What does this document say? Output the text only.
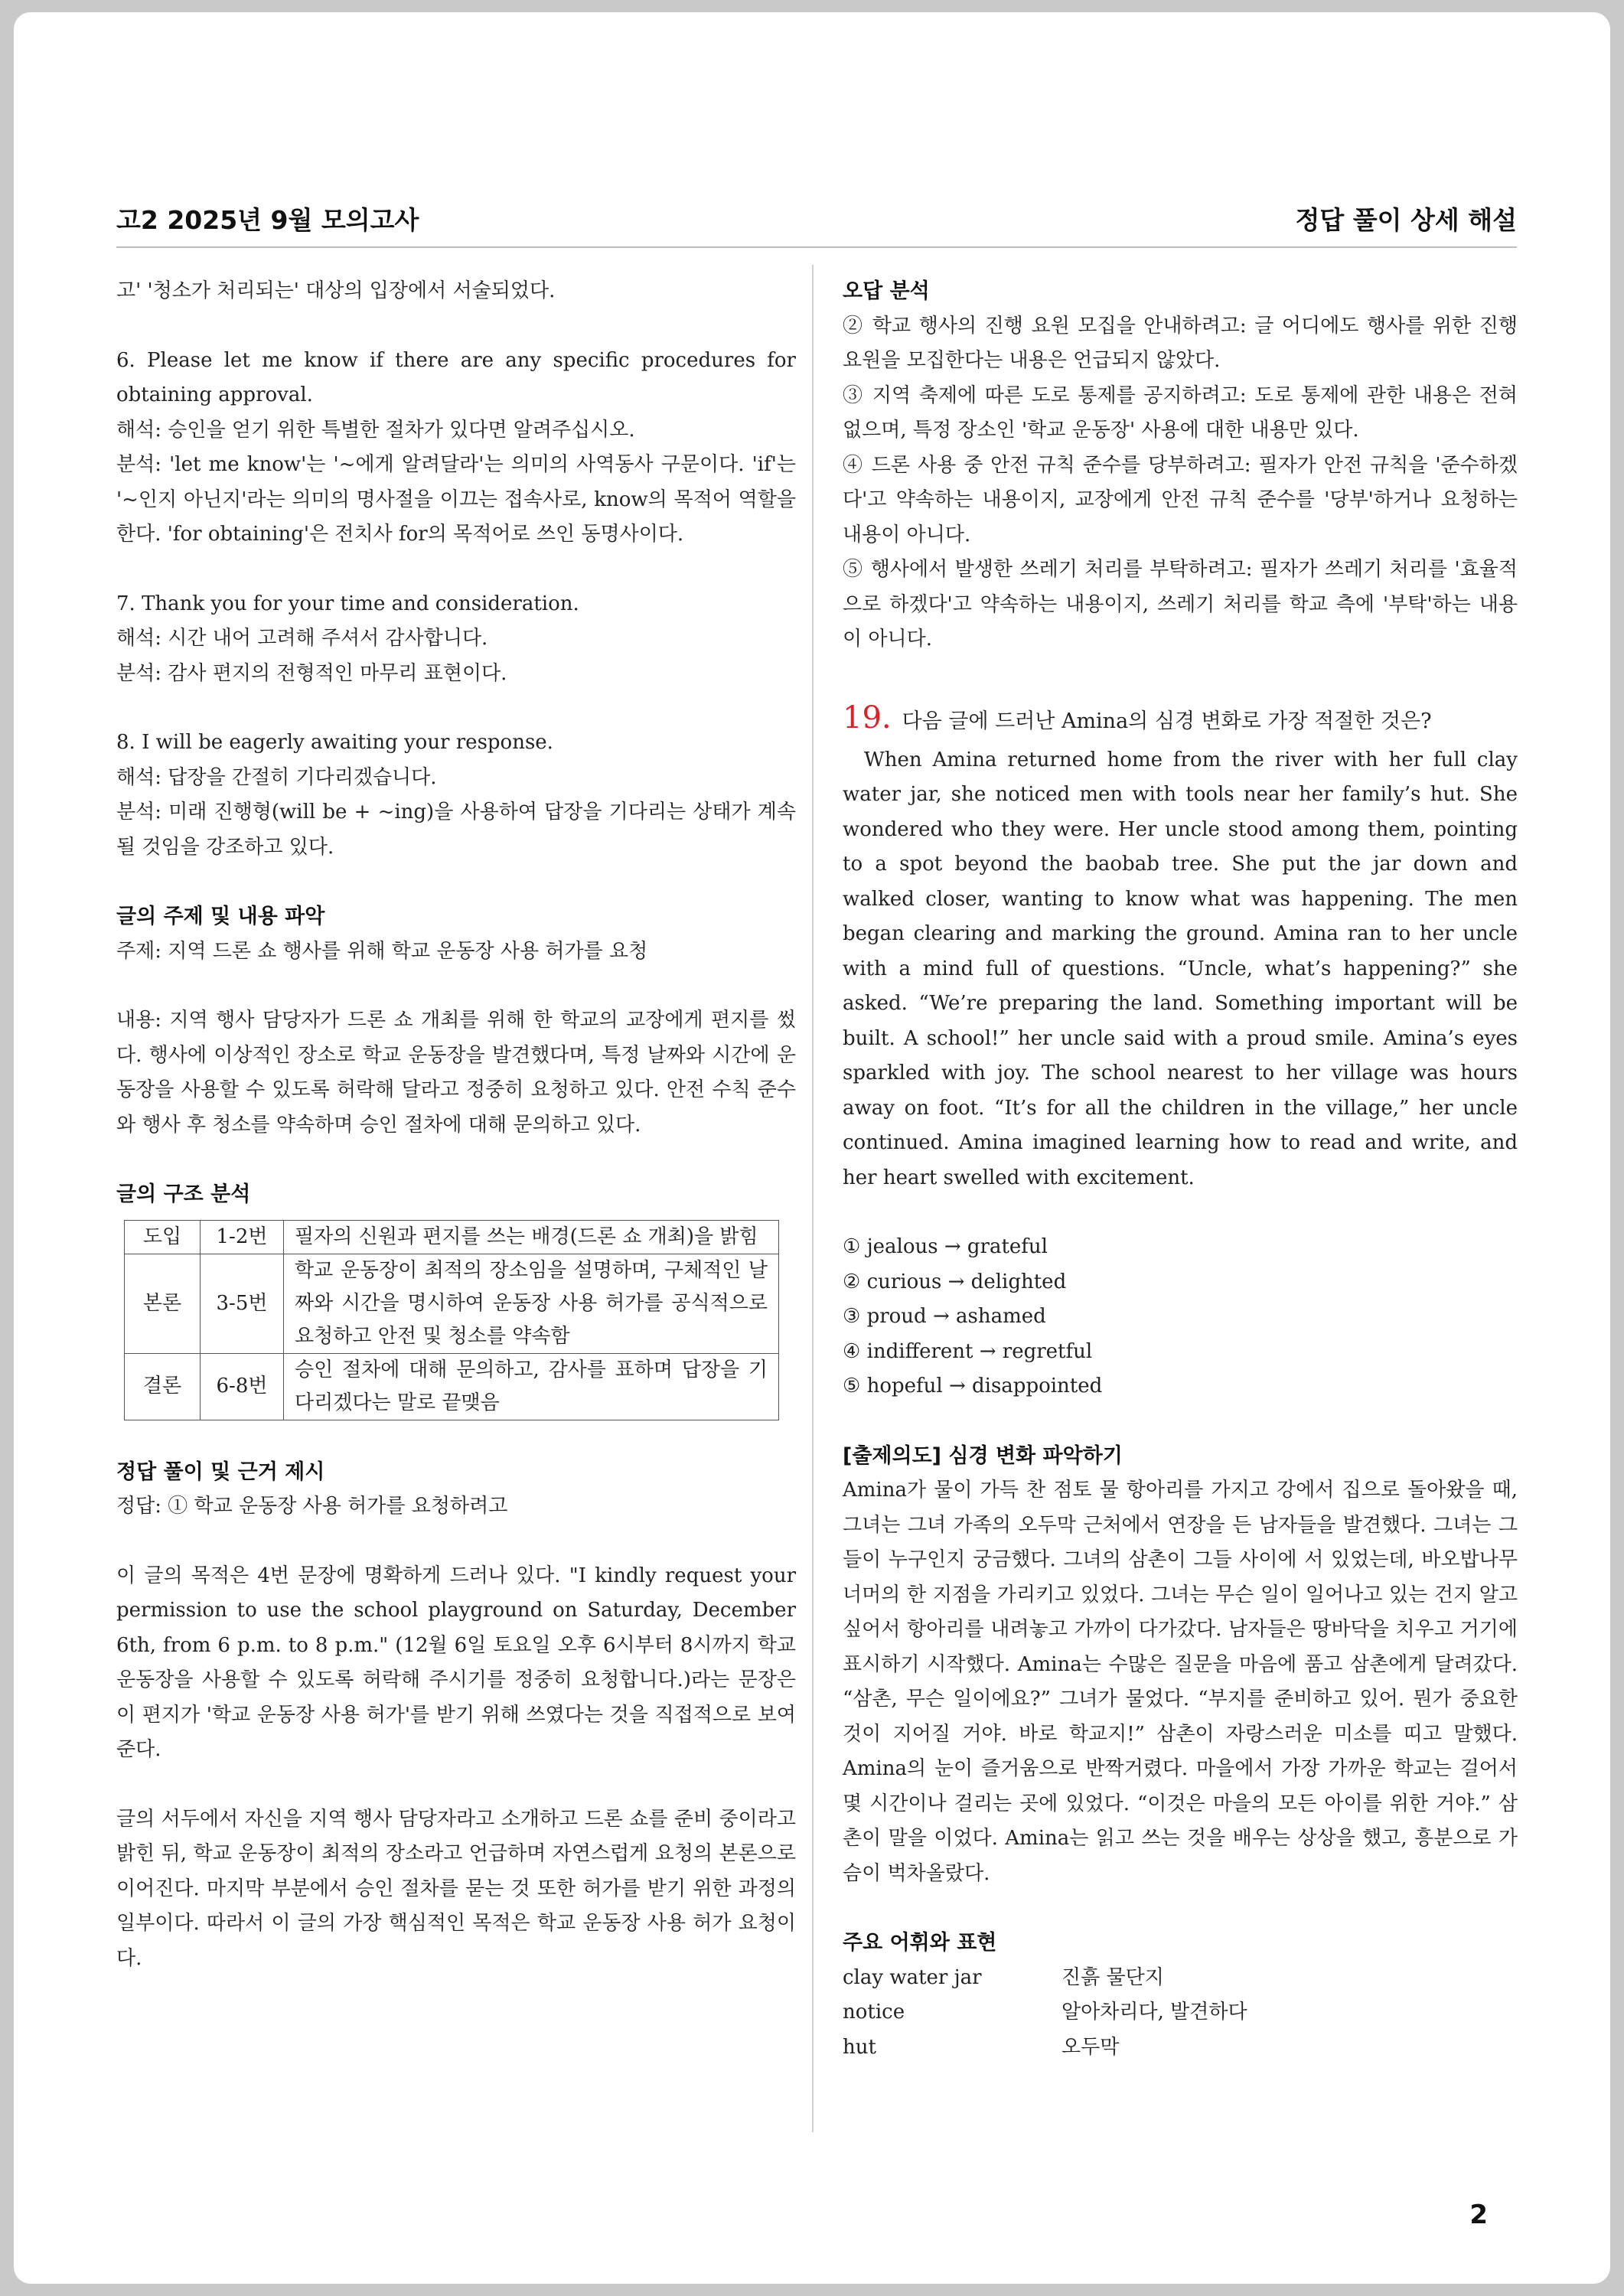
고2 2025년 9월 모의고사	정답 풀이 상세 해설

고' '청소가 처리되는' 대상의 입장에서 서술되었다.

6. Please let me know if there are any specific procedures for obtaining approval.

해석: 승인을 얻기 위한 특별한 절차가 있다면 알려주십시오.

분석: 'let me know'는 '~에게 알려달라'는 의미의 사역동사 구문이다. 'if'는 '~인지 아닌지'라는 의미의 명사절을 이끄는 접속사로, know의 목적어 역할을 한다. 'for obtaining'은 전치사 for의 목적어로 쓰인 동명사이다.

7. Thank you for your time and consideration.

해석: 시간 내어 고려해 주셔서 감사합니다.

분석: 감사 편지의 전형적인 마무리 표현이다.

8. I will be eagerly awaiting your response.

해석: 답장을 간절히 기다리겠습니다.

분석: 미래 진행형(will be + ~ing)을 사용하여 답장을 기다리는 상태가 계속될 것임을 강조하고 있다.

글의 주제 및 내용 파악

주제: 지역 드론 쇼 행사를 위해 학교 운동장 사용 허가를 요청

내용: 지역 행사 담당자가 드론 쇼 개최를 위해 한 학교의 교장에게 편지를 썼다. 행사에 이상적인 장소로 학교 운동장을 발견했다며, 특정 날짜와 시간에 운동장을 사용할 수 있도록 허락해 달라고 정중히 요청하고 있다. 안전 수칙 준수와 행사 후 청소를 약속하며 승인 절차에 대해 문의하고 있다.

글의 구조 분석

도입	1-2번	필자의 신원과 편지를 쓰는 배경(드론 쇼 개최)을 밝힘
본론	3-5번	학교 운동장이 최적의 장소임을 설명하며, 구체적인 날짜와 시간을 명시하여 운동장 사용 허가를 공식적으로 요청하고 안전 및 청소를 약속함
결론	6-8번	승인 절차에 대해 문의하고, 감사를 표하며 답장을 기다리겠다는 말로 끝맺음

정답 풀이 및 근거 제시

정답: ① 학교 운동장 사용 허가를 요청하려고

이 글의 목적은 4번 문장에 명확하게 드러나 있다. "I kindly request your permission to use the school playground on Saturday, December 6th, from 6 p.m. to 8 p.m." (12월 6일 토요일 오후 6시부터 8시까지 학교 운동장을 사용할 수 있도록 허락해 주시기를 정중히 요청합니다.)라는 문장은 이 편지가 '학교 운동장 사용 허가'를 받기 위해 쓰였다는 것을 직접적으로 보여준다.

글의 서두에서 자신을 지역 행사 담당자라고 소개하고 드론 쇼를 준비 중이라고 밝힌 뒤, 학교 운동장이 최적의 장소라고 언급하며 자연스럽게 요청의 본론으로 이어진다. 마지막 부분에서 승인 절차를 묻는 것 또한 허가를 받기 위한 과정의 일부이다. 따라서 이 글의 가장 핵심적인 목적은 학교 운동장 사용 허가 요청이다.

오답 분석

② 학교 행사의 진행 요원 모집을 안내하려고: 글 어디에도 행사를 위한 진행 요원을 모집한다는 내용은 언급되지 않았다.

③ 지역 축제에 따른 도로 통제를 공지하려고: 도로 통제에 관한 내용은 전혀 없으며, 특정 장소인 '학교 운동장' 사용에 대한 내용만 있다.

④ 드론 사용 중 안전 규칙 준수를 당부하려고: 필자가 안전 규칙을 '준수하겠다'고 약속하는 내용이지, 교장에게 안전 규칙 준수를 '당부'하거나 요청하는 내용이 아니다.

⑤ 행사에서 발생한 쓰레기 처리를 부탁하려고: 필자가 쓰레기 처리를 '효율적으로 하겠다'고 약속하는 내용이지, 쓰레기 처리를 학교 측에 '부탁'하는 내용이 아니다.

19. 다음 글에 드러난 Amina의 심경 변화로 가장 적절한 것은?

When Amina returned home from the river with her full clay water jar, she noticed men with tools near her family’s hut. She wondered who they were. Her uncle stood among them, pointing to a spot beyond the baobab tree. She put the jar down and walked closer, wanting to know what was happening. The men began clearing and marking the ground. Amina ran to her uncle with a mind full of questions. “Uncle, what’s happening?” she asked. “We’re preparing the land. Something important will be built. A school!” her uncle said with a proud smile. Amina’s eyes sparkled with joy. The school nearest to her village was hours away on foot. “It’s for all the children in the village,” her uncle continued. Amina imagined learning how to read and write, and her heart swelled with excitement.

① jealous → grateful
② curious → delighted
③ proud → ashamed
④ indifferent → regretful
⑤ hopeful → disappointed

[출제의도] 심경 변화 파악하기

Amina가 물이 가득 찬 점토 물 항아리를 가지고 강에서 집으로 돌아왔을 때, 그녀는 그녀 가족의 오두막 근처에서 연장을 든 남자들을 발견했다. 그녀는 그들이 누구인지 궁금했다. 그녀의 삼촌이 그들 사이에 서 있었는데, 바오밥나무 너머의 한 지점을 가리키고 있었다. 그녀는 무슨 일이 일어나고 있는 건지 알고 싶어서 항아리를 내려놓고 가까이 다가갔다. 남자들은 땅바닥을 치우고 거기에 표시하기 시작했다. Amina는 수많은 질문을 마음에 품고 삼촌에게 달려갔다. “삼촌, 무슨 일이에요?” 그녀가 물었다. “부지를 준비하고 있어. 뭔가 중요한 것이 지어질 거야. 바로 학교지!” 삼촌이 자랑스러운 미소를 띠고 말했다. Amina의 눈이 즐거움으로 반짝거렸다. 마을에서 가장 가까운 학교는 걸어서 몇 시간이나 걸리는 곳에 있었다. “이것은 마을의 모든 아이를 위한 거야.” 삼촌이 말을 이었다. Amina는 읽고 쓰는 것을 배우는 상상을 했고, 흥분으로 가슴이 벅차올랐다.

주요 어휘와 표현

clay water jar	진흙 물단지
notice	알아차리다, 발견하다
hut	오두막
2
